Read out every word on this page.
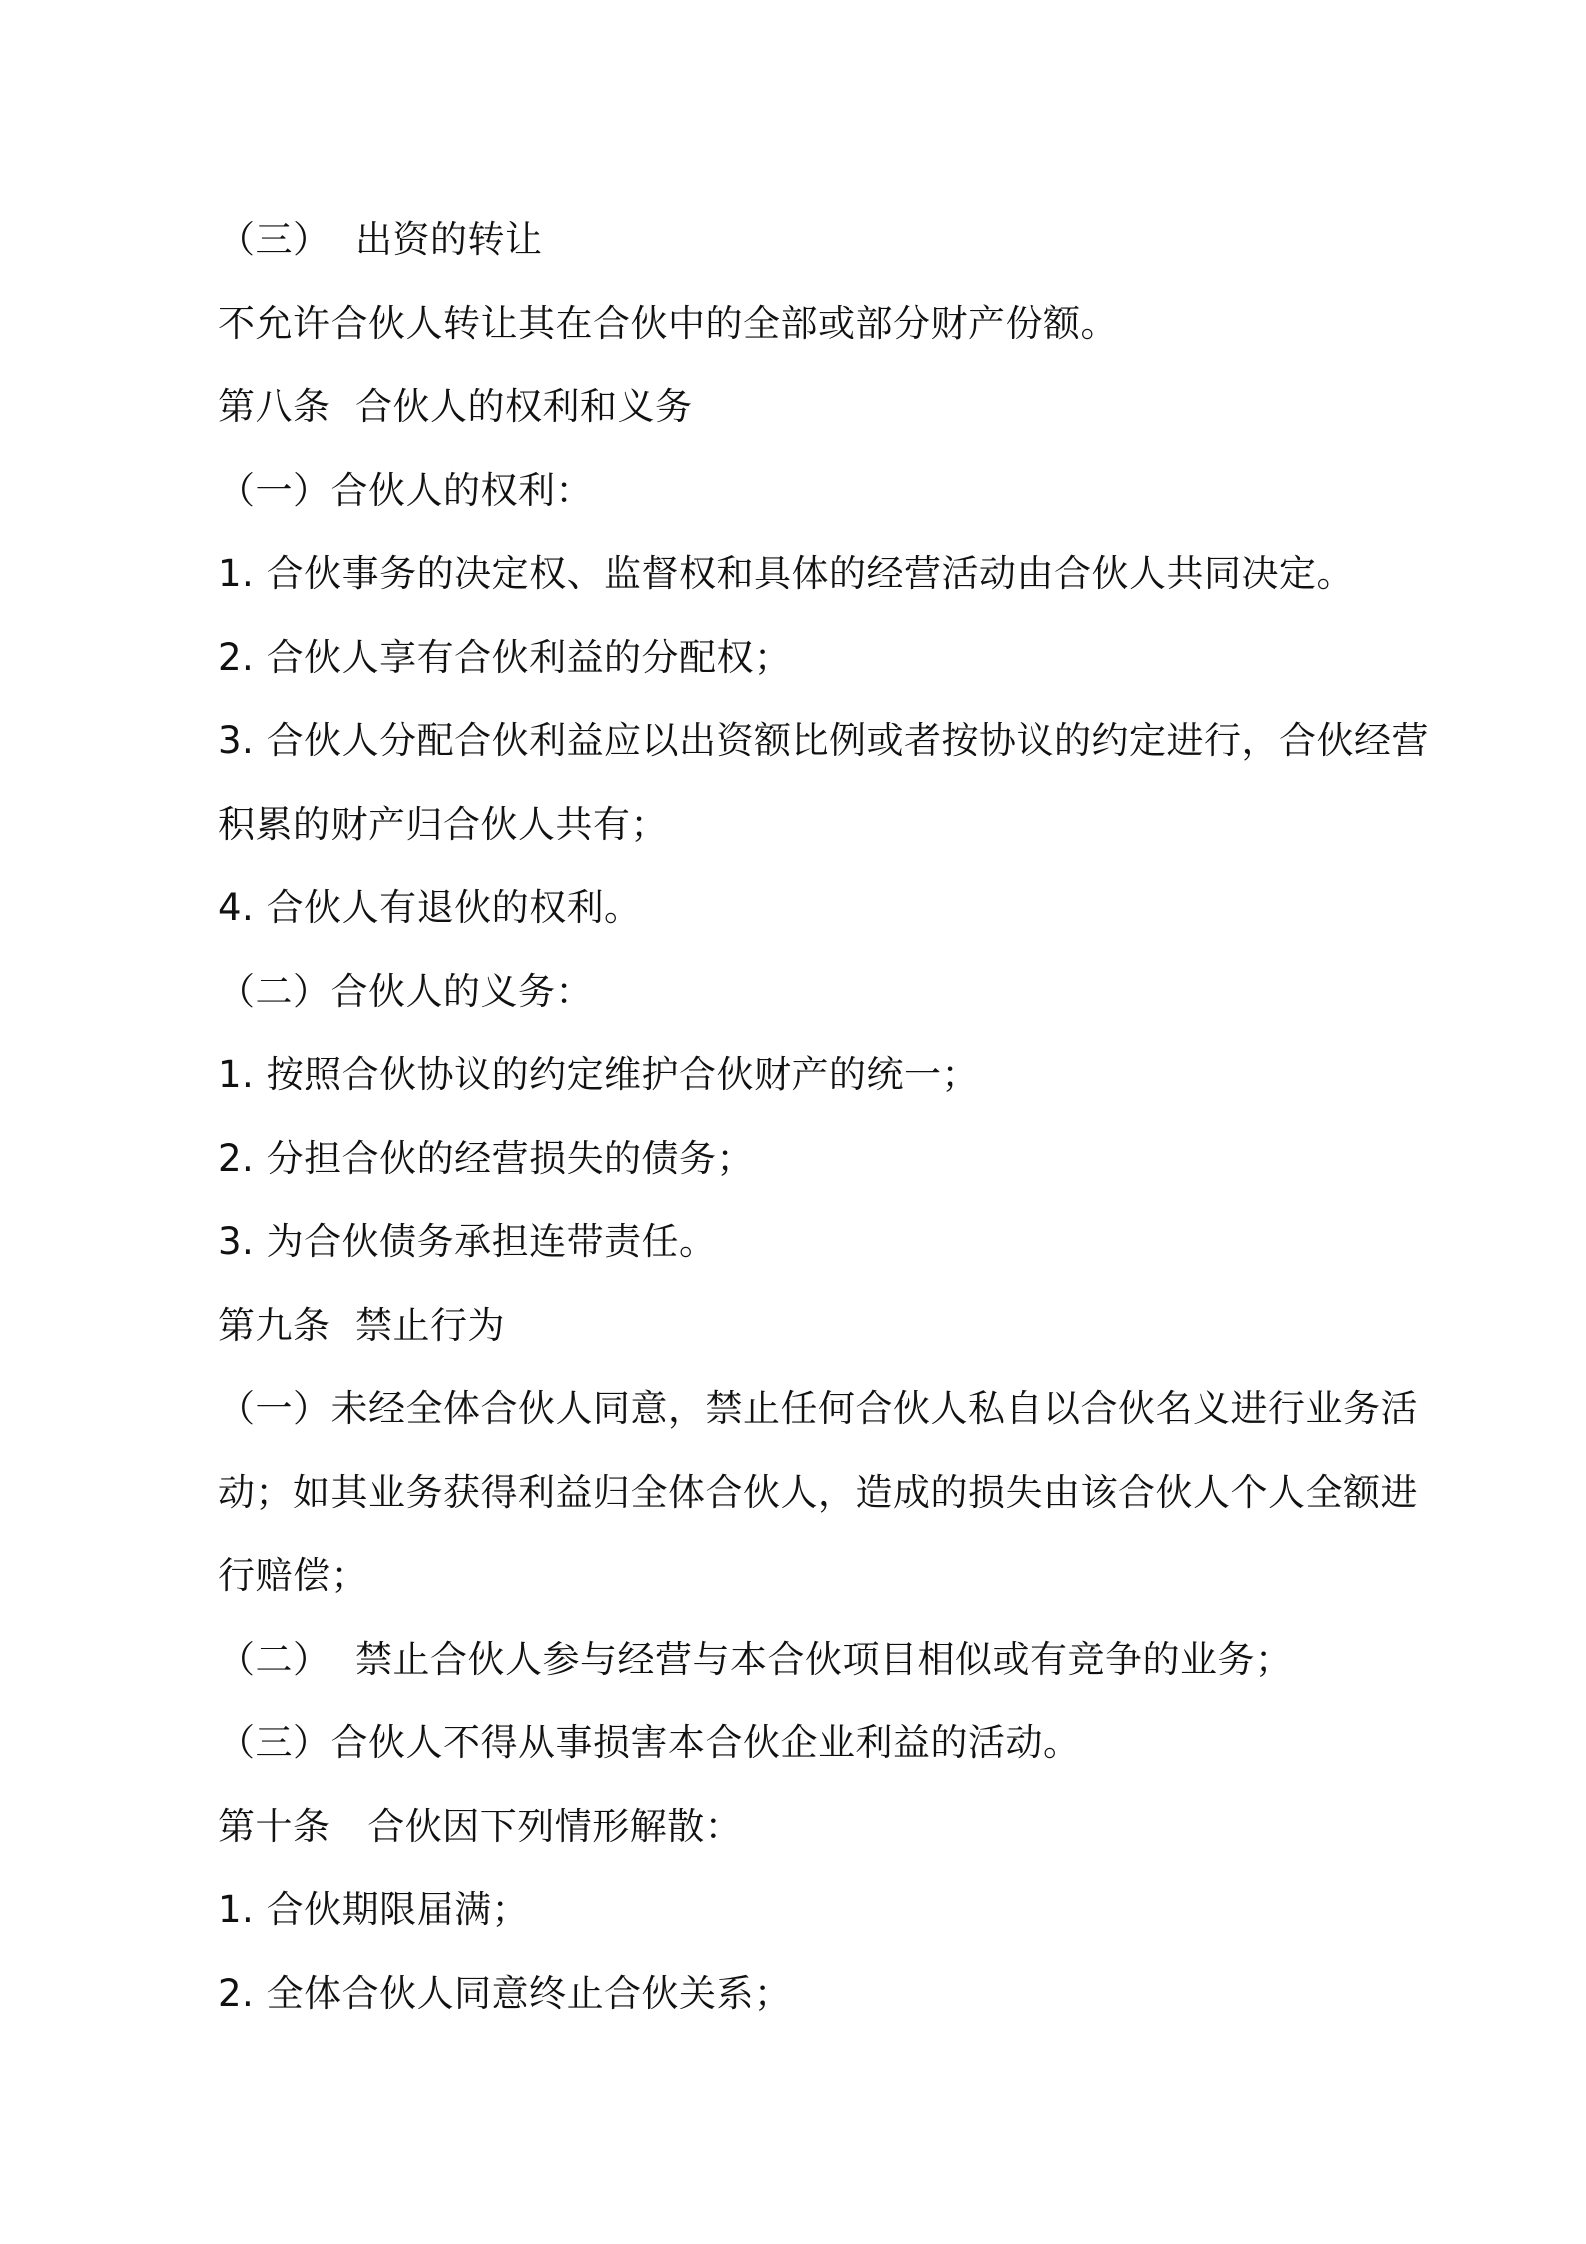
（三）  出资的转让
不允许合伙人转让其在合伙中的全部或部分财产份额。
第八条  合伙人的权利和义务
（一）合伙人的权利：
1. 合伙事务的决定权、监督权和具体的经营活动由合伙人共同决定。
2. 合伙人享有合伙利益的分配权；
3. 合伙人分配合伙利益应以出资额比例或者按协议的约定进行，合伙经营
积累的财产归合伙人共有；
4. 合伙人有退伙的权利。
（二）合伙人的义务：
1. 按照合伙协议的约定维护合伙财产的统一；
2. 分担合伙的经营损失的债务；
3. 为合伙债务承担连带责任。
第九条  禁止行为
（一）未经全体合伙人同意，禁止任何合伙人私自以合伙名义进行业务活
动；如其业务获得利益归全体合伙人，造成的损失由该合伙人个人全额进
行赔偿；
（二）  禁止合伙人参与经营与本合伙项目相似或有竞争的业务；
（三）合伙人不得从事损害本合伙企业利益的活动。
第十条   合伙因下列情形解散：
1. 合伙期限届满；
2. 全体合伙人同意终止合伙关系；
